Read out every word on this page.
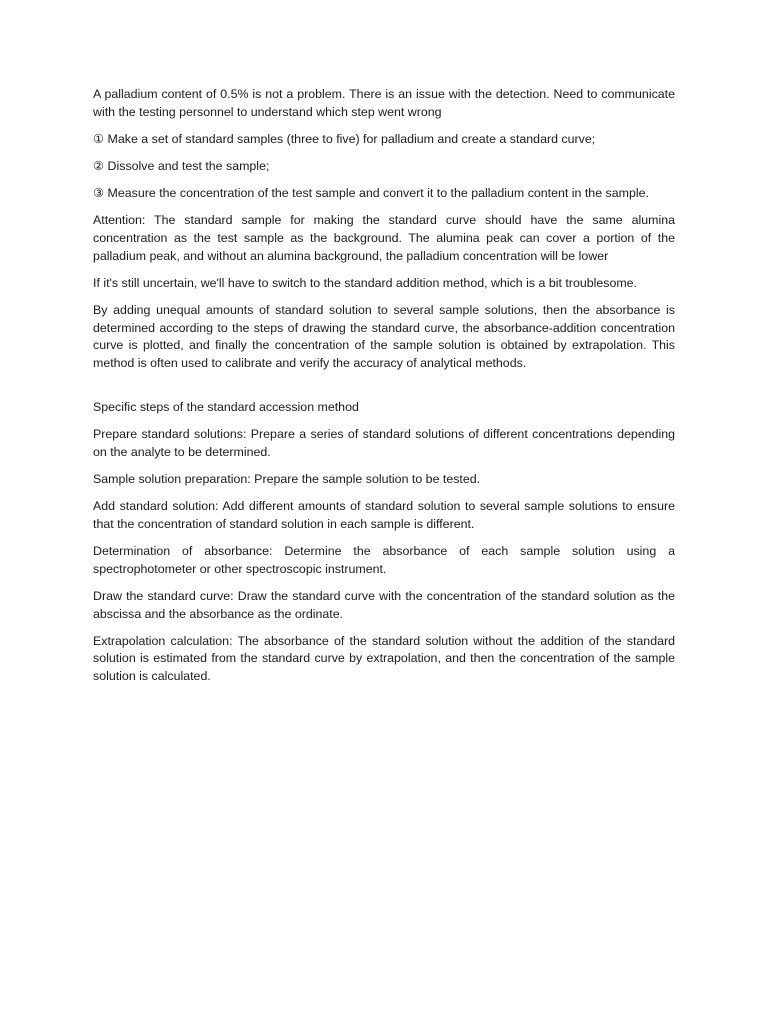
A palladium content of 0.5% is not a problem. There is an issue with the detection. Need to communicate with the testing personnel to understand which step went wrong

① Make a set of standard samples (three to five) for palladium and create a standard curve;

② Dissolve and test the sample;

③ Measure the concentration of the test sample and convert it to the palladium content in the sample.

Attention: The standard sample for making the standard curve should have the same alumina concentration as the test sample as the background. The alumina peak can cover a portion of the palladium peak, and without an alumina background, the palladium concentration will be lower

If it's still uncertain, we'll have to switch to the standard addition method, which is a bit troublesome.

By adding unequal amounts of standard solution to several sample solutions, then the absorbance is determined according to the steps of drawing the standard curve, the absorbance-addition concentration curve is plotted, and finally the concentration of the sample solution is obtained by extrapolation. This method is often used to calibrate and verify the accuracy of analytical methods.

Specific steps of the standard accession method

Prepare standard solutions: Prepare a series of standard solutions of different concentrations depending on the analyte to be determined.

Sample solution preparation: Prepare the sample solution to be tested.

Add standard solution: Add different amounts of standard solution to several sample solutions to ensure that the concentration of standard solution in each sample is different.

Determination of absorbance: Determine the absorbance of each sample solution using a spectrophotometer or other spectroscopic instrument.

Draw the standard curve: Draw the standard curve with the concentration of the standard solution as the abscissa and the absorbance as the ordinate.

Extrapolation calculation: The absorbance of the standard solution without the addition of the standard solution is estimated from the standard curve by extrapolation, and then the concentration of the sample solution is calculated.
